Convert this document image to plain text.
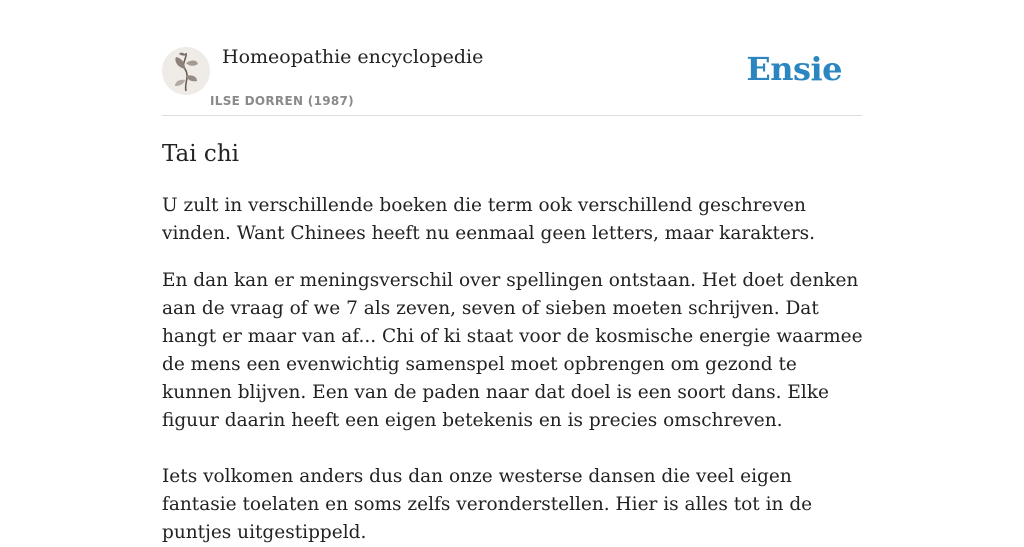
Homeopathie encyclopedie
ILSE DORREN (1987)
Ensie
Tai chi

U zult in verschillende boeken die term ook verschillend geschreven vinden. Want Chinees heeft nu eenmaal geen letters, maar karakters.

En dan kan er meningsverschil over spellingen ontstaan. Het doet denken aan de vraag of we 7 als zeven, seven of sieben moeten schrijven. Dat hangt er maar van af... Chi of ki staat voor de kosmische energie waarmee de mens een evenwichtig samenspel moet opbrengen om gezond te kunnen blijven. Een van de paden naar dat doel is een soort dans. Elke figuur daarin heeft een eigen betekenis en is precies omschreven.

Iets volkomen anders dus dan onze westerse dansen die veel eigen fantasie toelaten en soms zelfs veronderstellen. Hier is alles tot in de puntjes uitgestippeld.
